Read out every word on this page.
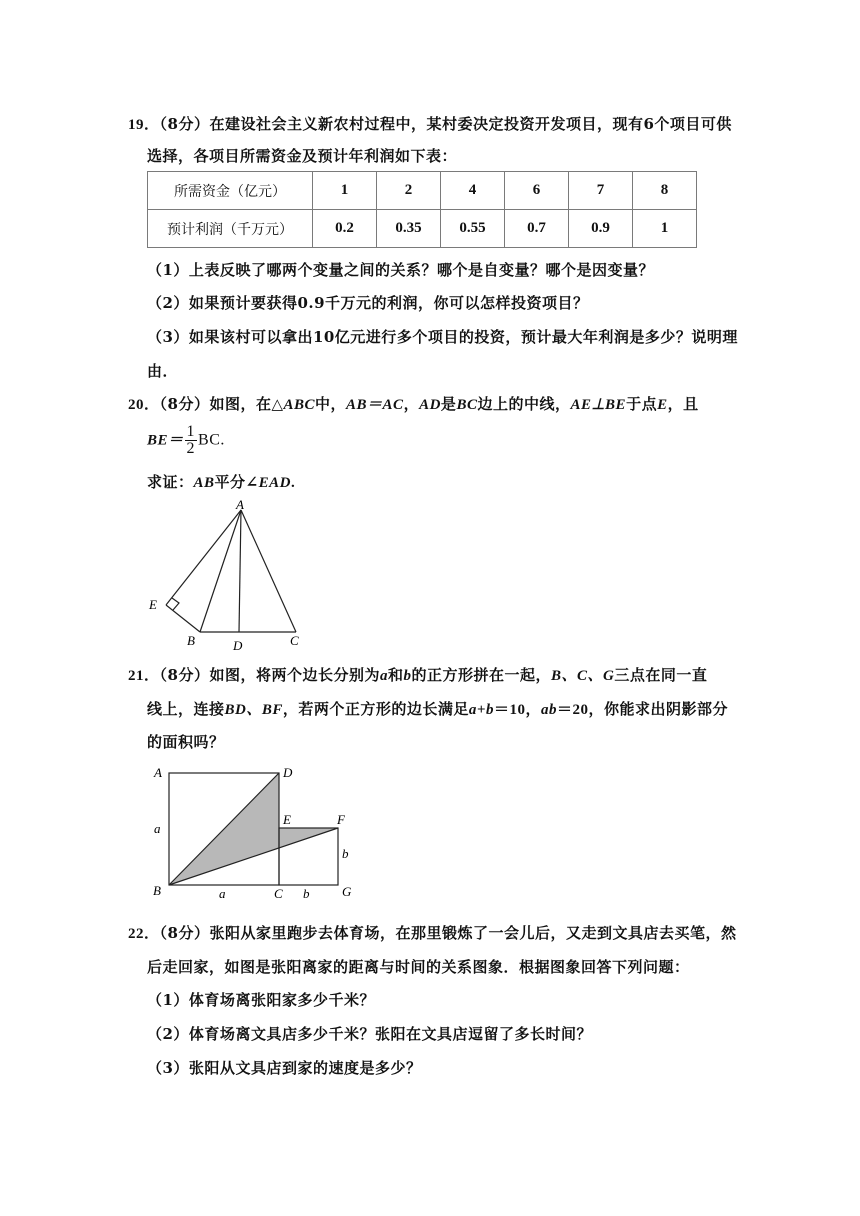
19．（8分）在建设社会主义新农村过程中，某村委决定投资开发项目，现有6个项目可供
选择，各项目所需资金及预计年利润如下表：
所需资金（亿元）	1	2	4	6	7	8
预计利润（千万元）	0.2	0.35	0.55	0.7	0.9	1
（1）上表反映了哪两个变量之间的关系？哪个是自变量？哪个是因变量？
（2）如果预计要获得0.9千万元的利润，你可以怎样投资项目？
（3）如果该村可以拿出10亿元进行多个项目的投资，预计最大年利润是多少？说明理
由．
20．（8分）如图，在△ABC中，AB＝AC，AD是BC边上的中线，AE⊥BE于点E，且
$BE= \frac{1}{2}$ BC.
求证：AB平分∠EAD.
A
E
B	D	C
21．（8分）如图，将两个边长分别为a和b的正方形拼在一起，B、C、G三点在同一直
线上，连接BD、BF，若两个正方形的边长满足a+b＝10，ab＝20，你能求出阴影部分
的面积吗？
A	D
E	F
a
b
B	a	C b	G
22．（8分）张阳从家里跑步去体育场，在那里锻炼了一会儿后，又走到文具店去买笔，然
后走回家，如图是张阳离家的距离与时间的关系图象．根据图象回答下列问题：
（1）体育场离张阳家多少千米？
（2）体育场离文具店多少千米？张阳在文具店逗留了多长时间？
（3）张阳从文具店到家的速度是多少？
